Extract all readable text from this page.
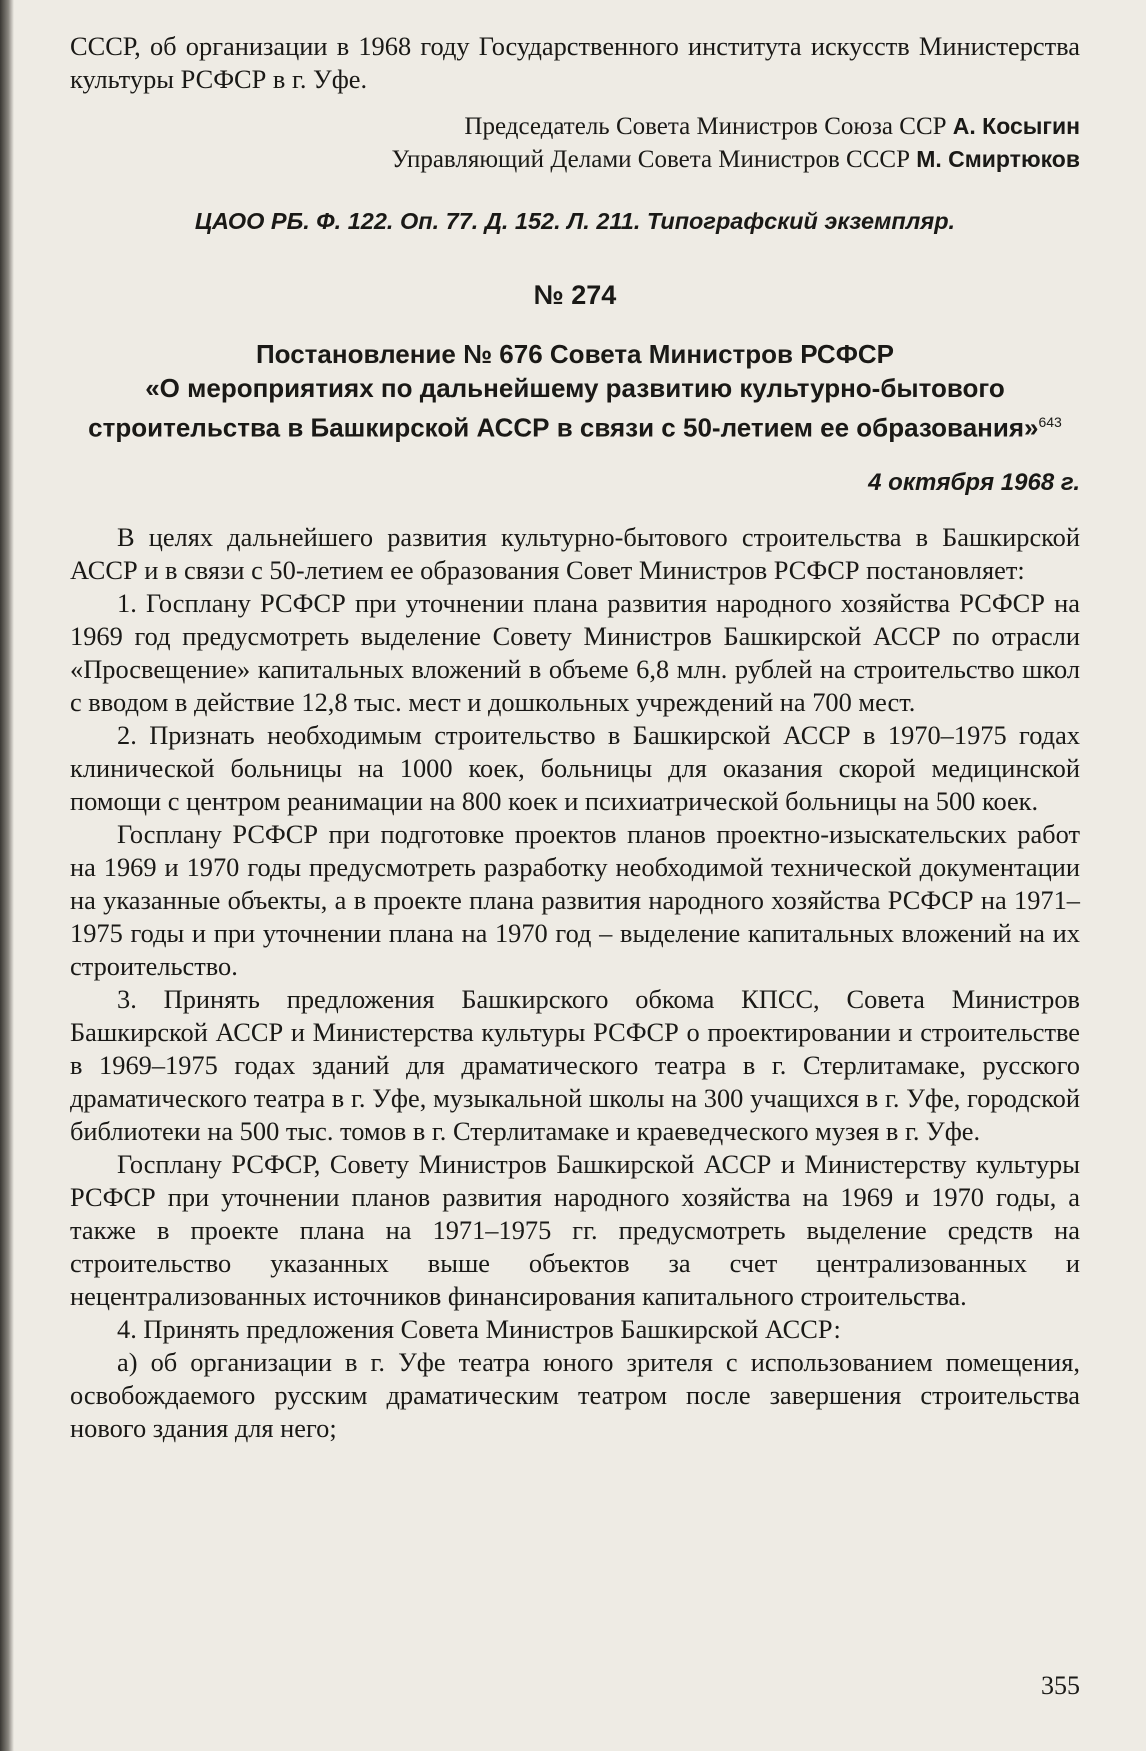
СССР, об организации в 1968 году Государственного института искусств Министерства культуры РСФСР в г. Уфе.

Председатель Совета Министров Союза ССР А. Косыгин

Управляющий Делами Совета Министров СССР М. Смиртюков

ЦАОО РБ. Ф. 122. Оп. 77. Д. 152. Л. 211. Типографский экземпляр.

№ 274

Постановление № 676 Совета Министров РСФСР
«О мероприятиях по дальнейшему развитию культурно-бытового строительства в Башкирской АССР в связи с 50-летием ее образования»$^{643}$

4 октября 1968 г.

В целях дальнейшего развития культурно-бытового строительства в Башкирской АССР и в связи с 50-летием ее образования Совет Министров РСФСР постановляет:

1. Госплану РСФСР при уточнении плана развития народного хозяйства РСФСР на 1969 год предусмотреть выделение Совету Министров Башкирской АССР по отрасли «Просвещение» капитальных вложений в объеме 6,8 млн. рублей на строительство школ с вводом в действие 12,8 тыс. мест и дошкольных учреждений на 700 мест.

2. Признать необходимым строительство в Башкирской АССР в 1970–1975 годах клинической больницы на 1000 коек, больницы для оказания скорой медицинской помощи с центром реанимации на 800 коек и психиатрической больницы на 500 коек.

Госплану РСФСР при подготовке проектов планов проектно-изыскательских работ на 1969 и 1970 годы предусмотреть разработку необходимой технической документации на указанные объекты, а в проекте плана развития народного хозяйства РСФСР на 1971–1975 годы и при уточнении плана на 1970 год – выделение капитальных вложений на их строительство.

3. Принять предложения Башкирского обкома КПСС, Совета Министров Башкирской АССР и Министерства культуры РСФСР о проектировании и строительстве в 1969–1975 годах зданий для драматического театра в г. Стерлитамаке, русского драматического театра в г. Уфе, музыкальной школы на 300 учащихся в г. Уфе, городской библиотеки на 500 тыс. томов в г. Стерлитамаке и краеведческого музея в г. Уфе.

Госплану РСФСР, Совету Министров Башкирской АССР и Министерству культуры РСФСР при уточнении планов развития народного хозяйства на 1969 и 1970 годы, а также в проекте плана на 1971–1975 гг. предусмотреть выделение средств на строительство указанных выше объектов за счет централизованных и нецентрализованных источников финансирования капитального строительства.

4. Принять предложения Совета Министров Башкирской АССР:

а) об организации в г. Уфе театра юного зрителя с использованием помещения, освобождаемого русским драматическим театром после завершения строительства нового здания для него;

355
